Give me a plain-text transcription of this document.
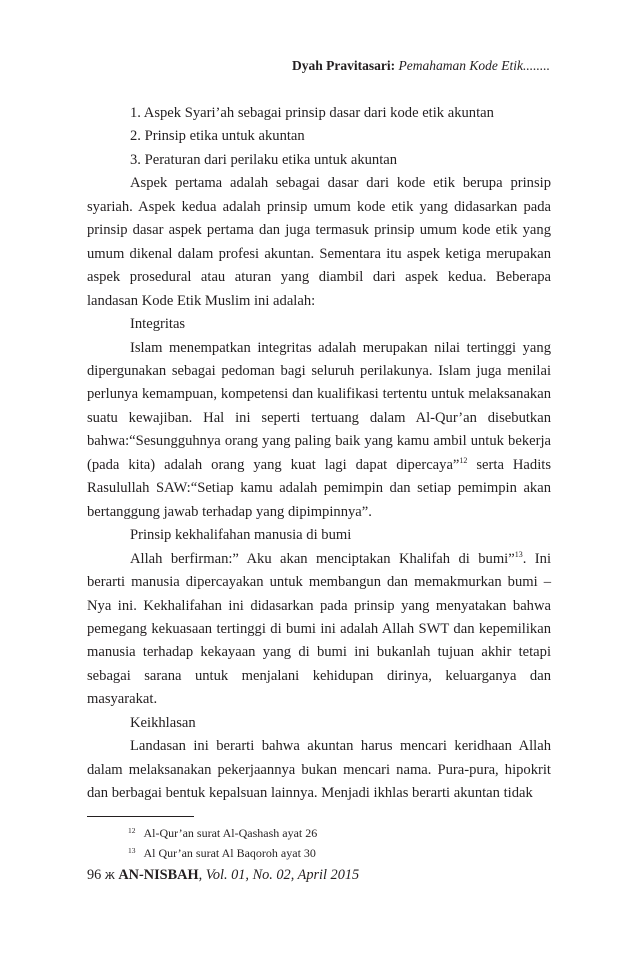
Dyah Pravitasari: Pemahaman Kode Etik........

1. Aspek Syari’ah sebagai prinsip dasar dari kode etik akuntan

2. Prinsip etika untuk akuntan

3. Peraturan dari perilaku etika untuk akuntan

Aspek pertama adalah sebagai dasar dari kode etik berupa prinsip syariah. Aspek kedua adalah prinsip umum kode etik yang didasarkan pada prinsip dasar aspek pertama dan juga termasuk prinsip umum kode etik yang umum dikenal dalam profesi akuntan. Sementara itu aspek ketiga merupakan aspek prosedural atau aturan yang diambil dari aspek kedua. Beberapa landasan Kode Etik Muslim ini adalah:

Integritas

Islam menempatkan integritas adalah merupakan nilai tertinggi yang dipergunakan sebagai pedoman bagi seluruh perilakunya. Islam juga menilai perlunya kemampuan, kompetensi dan kualifikasi tertentu untuk melaksanakan suatu kewajiban. Hal ini seperti tertuang dalam Al-Qur’an disebutkan bahwa:“Sesungguhnya orang yang paling baik yang kamu ambil untuk bekerja (pada kita) adalah orang yang kuat lagi dapat dipercaya”$^{12}$ serta Hadits Rasulullah SAW:“Setiap kamu adalah pemimpin dan setiap pemimpin akan bertanggung jawab terhadap yang dipimpinnya”.

Prinsip kekhalifahan manusia di bumi

Allah berfirman:” Aku akan menciptakan Khalifah di bumi”$^{13}$. Ini berarti manusia dipercayakan untuk membangun dan memakmurkan bumi –Nya ini. Kekhalifahan ini didasarkan pada prinsip yang menyatakan bahwa pemegang kekuasaan tertinggi di bumi ini adalah Allah SWT dan kepemilikan manusia terhadap kekayaan yang di bumi ini bukanlah tujuan akhir tetapi sebagai sarana untuk menjalani kehidupan dirinya, keluarganya dan masyarakat.

Keikhlasan

Landasan ini berarti bahwa akuntan harus mencari keridhaan Allah dalam melaksanakan pekerjaannya bukan mencari nama. Pura-pura, hipokrit dan berbagai bentuk kepalsuan lainnya. Menjadi ikhlas berarti akuntan tidak

$^{12}$ Al-Qur’an surat Al-Qashash ayat 26
$^{13}$ Al Qur’an surat Al Baqoroh ayat 30
96 ж AN-NISBAH, Vol. 01, No. 02, April 2015
